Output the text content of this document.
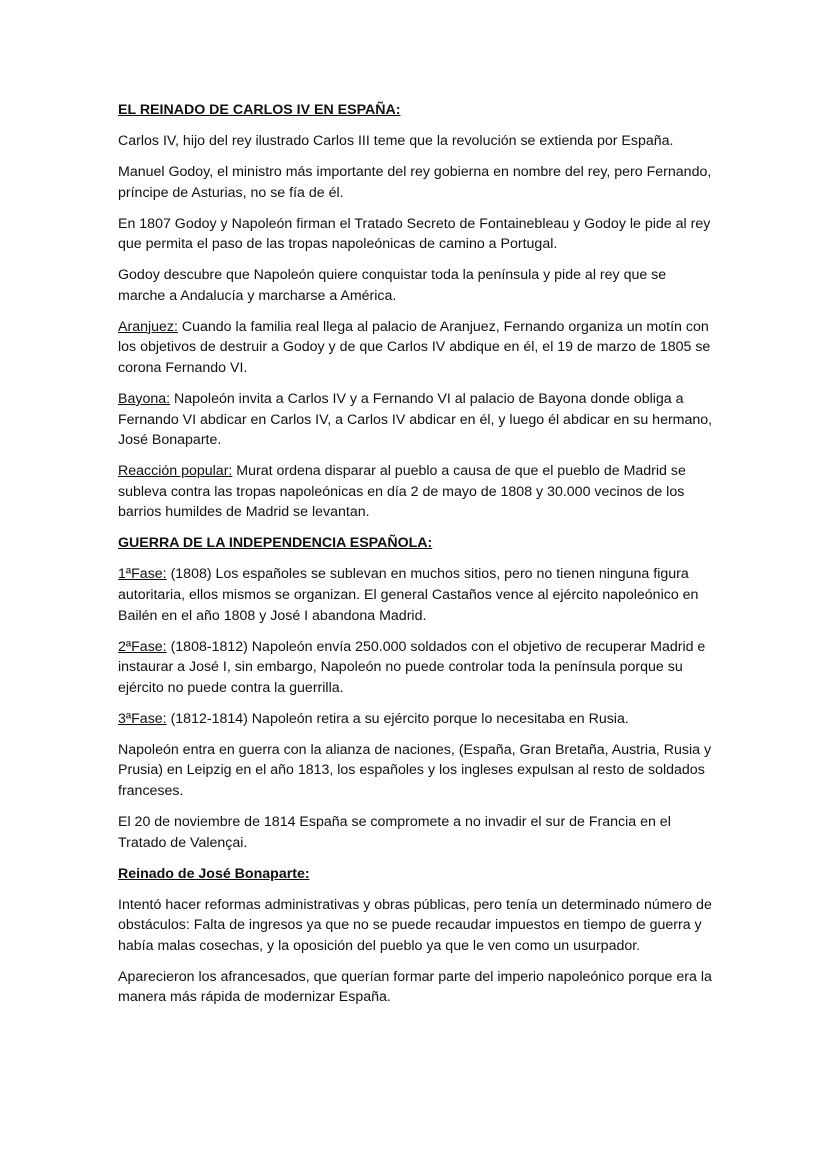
EL REINADO DE CARLOS IV EN ESPAÑA:

Carlos IV, hijo del rey ilustrado Carlos III teme que la revolución se extienda por España.

Manuel Godoy, el ministro más importante del rey gobierna en nombre del rey, pero Fernando, príncipe de Asturias, no se fía de él.

En 1807 Godoy y Napoleón firman el Tratado Secreto de Fontainebleau y Godoy le pide al rey que permita el paso de las tropas napoleónicas de camino a Portugal.

Godoy descubre que Napoleón quiere conquistar toda la península y pide al rey que se marche a Andalucía y marcharse a América.

Aranjuez: Cuando la familia real llega al palacio de Aranjuez, Fernando organiza un motín con los objetivos de destruir a Godoy y de que Carlos IV abdique en él, el 19 de marzo de 1805 se corona Fernando VI.

Bayona: Napoleón invita a Carlos IV y a Fernando VI al palacio de Bayona donde obliga a Fernando VI abdicar en Carlos IV, a Carlos IV abdicar en él, y luego él abdicar en su hermano, José Bonaparte.

Reacción popular: Murat ordena disparar al pueblo a causa de que el pueblo de Madrid se subleva contra las tropas napoleónicas en día 2 de mayo de 1808 y 30.000 vecinos de los barrios humildes de Madrid se levantan.

GUERRA DE LA INDEPENDENCIA ESPAÑOLA:

1ªFase: (1808) Los españoles se sublevan en muchos sitios, pero no tienen ninguna figura autoritaria, ellos mismos se organizan. El general Castaños vence al ejército napoleónico en Bailén en el año 1808 y José I abandona Madrid.

2ªFase: (1808-1812) Napoleón envía 250.000 soldados con el objetivo de recuperar Madrid e instaurar a José I, sin embargo, Napoleón no puede controlar toda la península porque su ejército no puede contra la guerrilla.

3ªFase: (1812-1814) Napoleón retira a su ejército porque lo necesitaba en Rusia.

Napoleón entra en guerra con la alianza de naciones, (España, Gran Bretaña, Austria, Rusia y Prusia) en Leipzig en el año 1813, los españoles y los ingleses expulsan al resto de soldados franceses.

El 20 de noviembre de 1814 España se compromete a no invadir el sur de Francia en el Tratado de Valençai.

Reinado de José Bonaparte:

Intentó hacer reformas administrativas y obras públicas, pero tenía un determinado número de obstáculos: Falta de ingresos ya que no se puede recaudar impuestos en tiempo de guerra y había malas cosechas, y la oposición del pueblo ya que le ven como un usurpador.

Aparecieron los afrancesados, que querían formar parte del imperio napoleónico porque era la manera más rápida de modernizar España.
